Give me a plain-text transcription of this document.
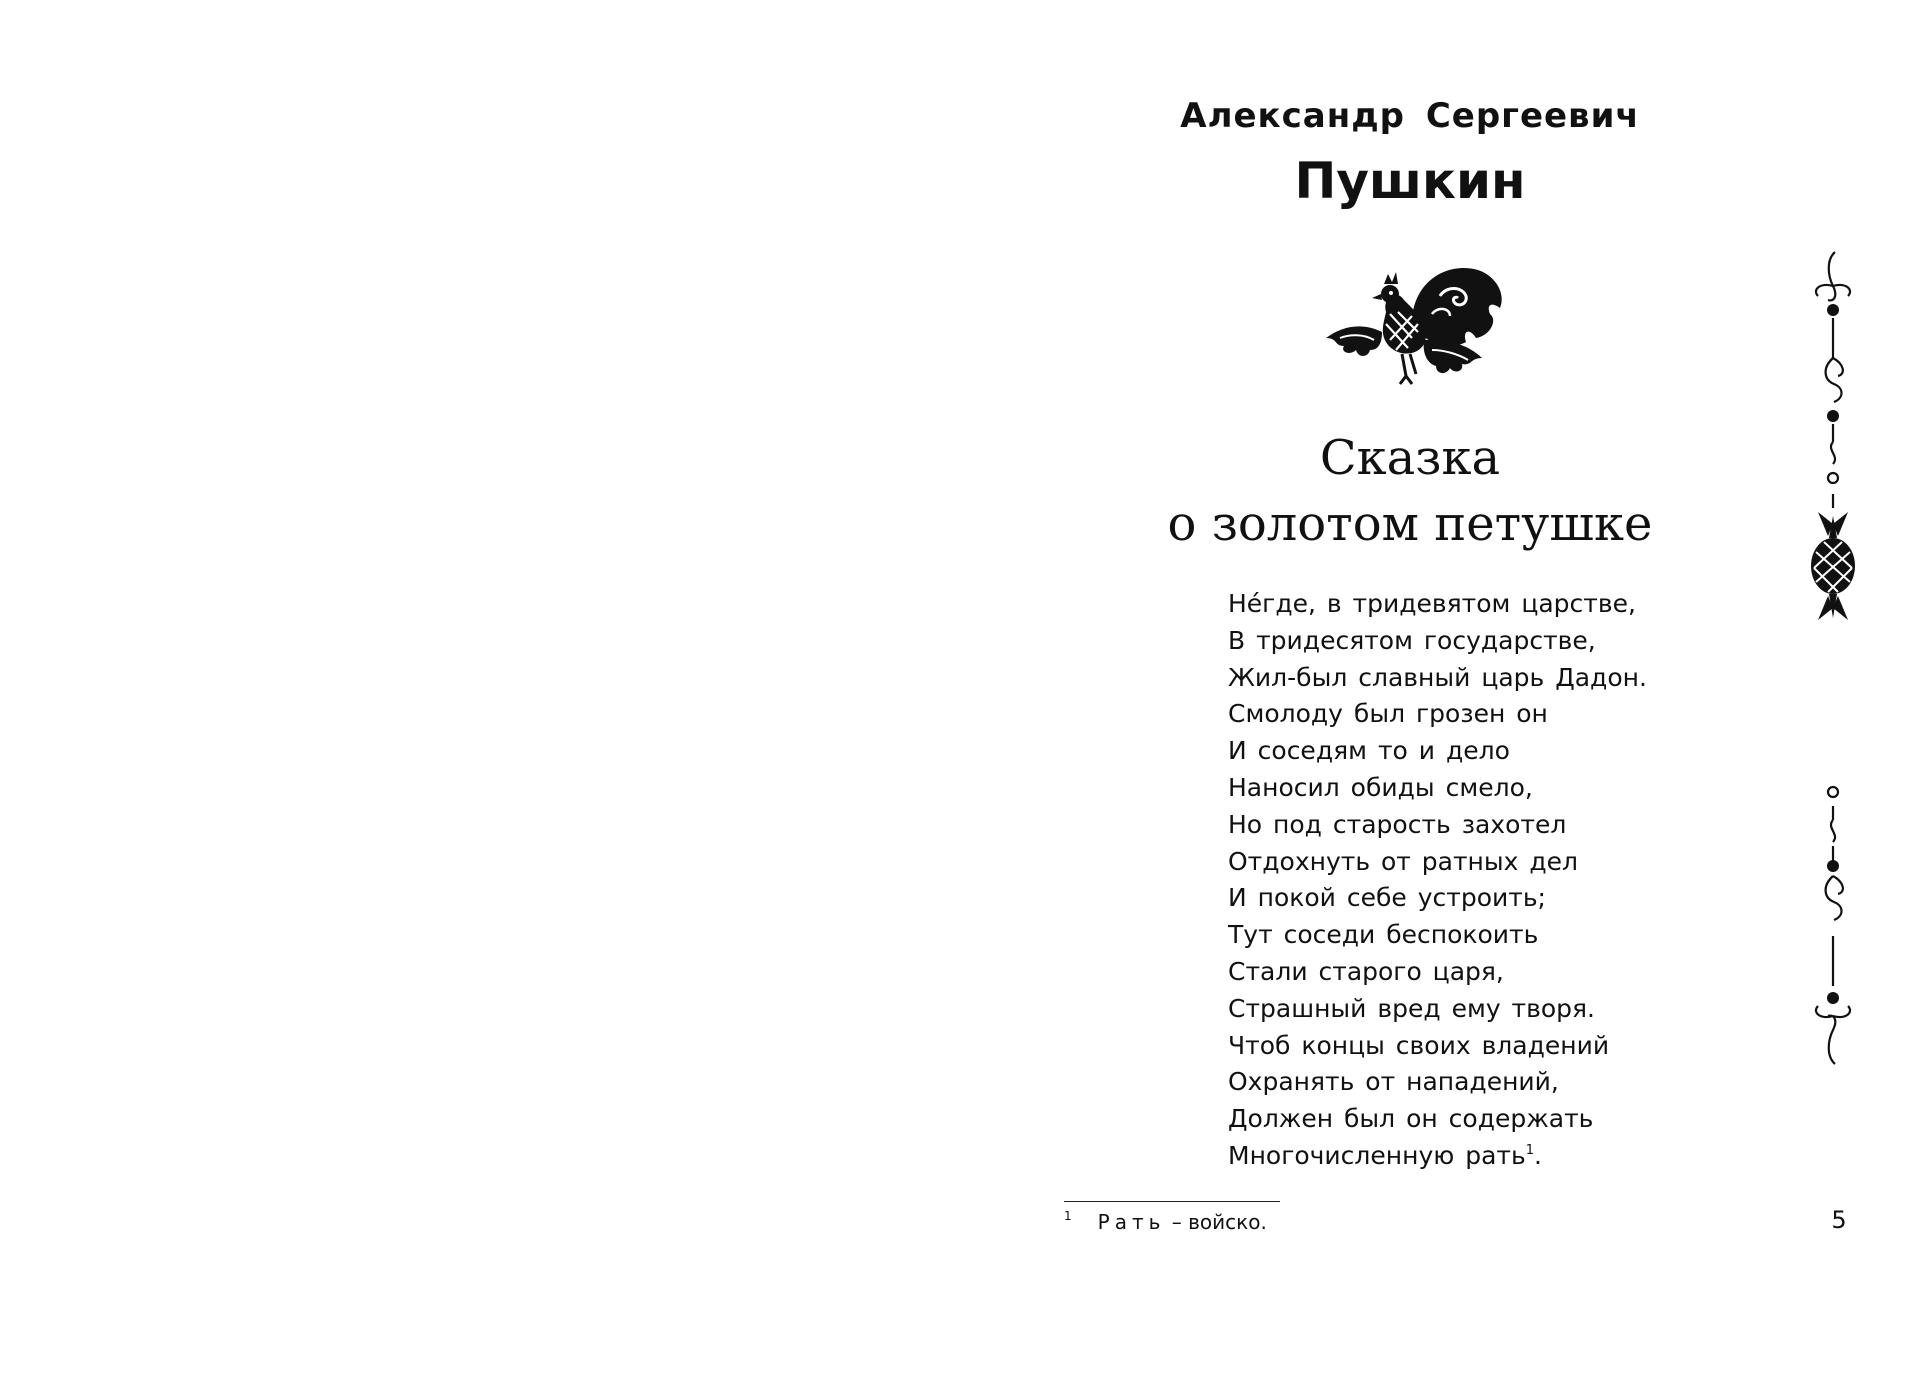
Александр Сергеевич
Пушкин
Сказка
о золотом петушке
Нéгде, в тридевятом царстве,
В тридесятом государстве,
Жил-был славный царь Дадон.
Смолоду был грозен он
И соседям то и дело
Наносил обиды смело,
Но под старость захотел
Отдохнуть от ратных дел
И покой себе устроить;
Тут соседи беспокоить
Стали старого царя,
Страшный вред ему творя.
Чтоб концы своих владений
Охранять от нападений,
Должен был он содержать
Многочисленную рать$^1$.
$^1$ Рать – войско.	5
